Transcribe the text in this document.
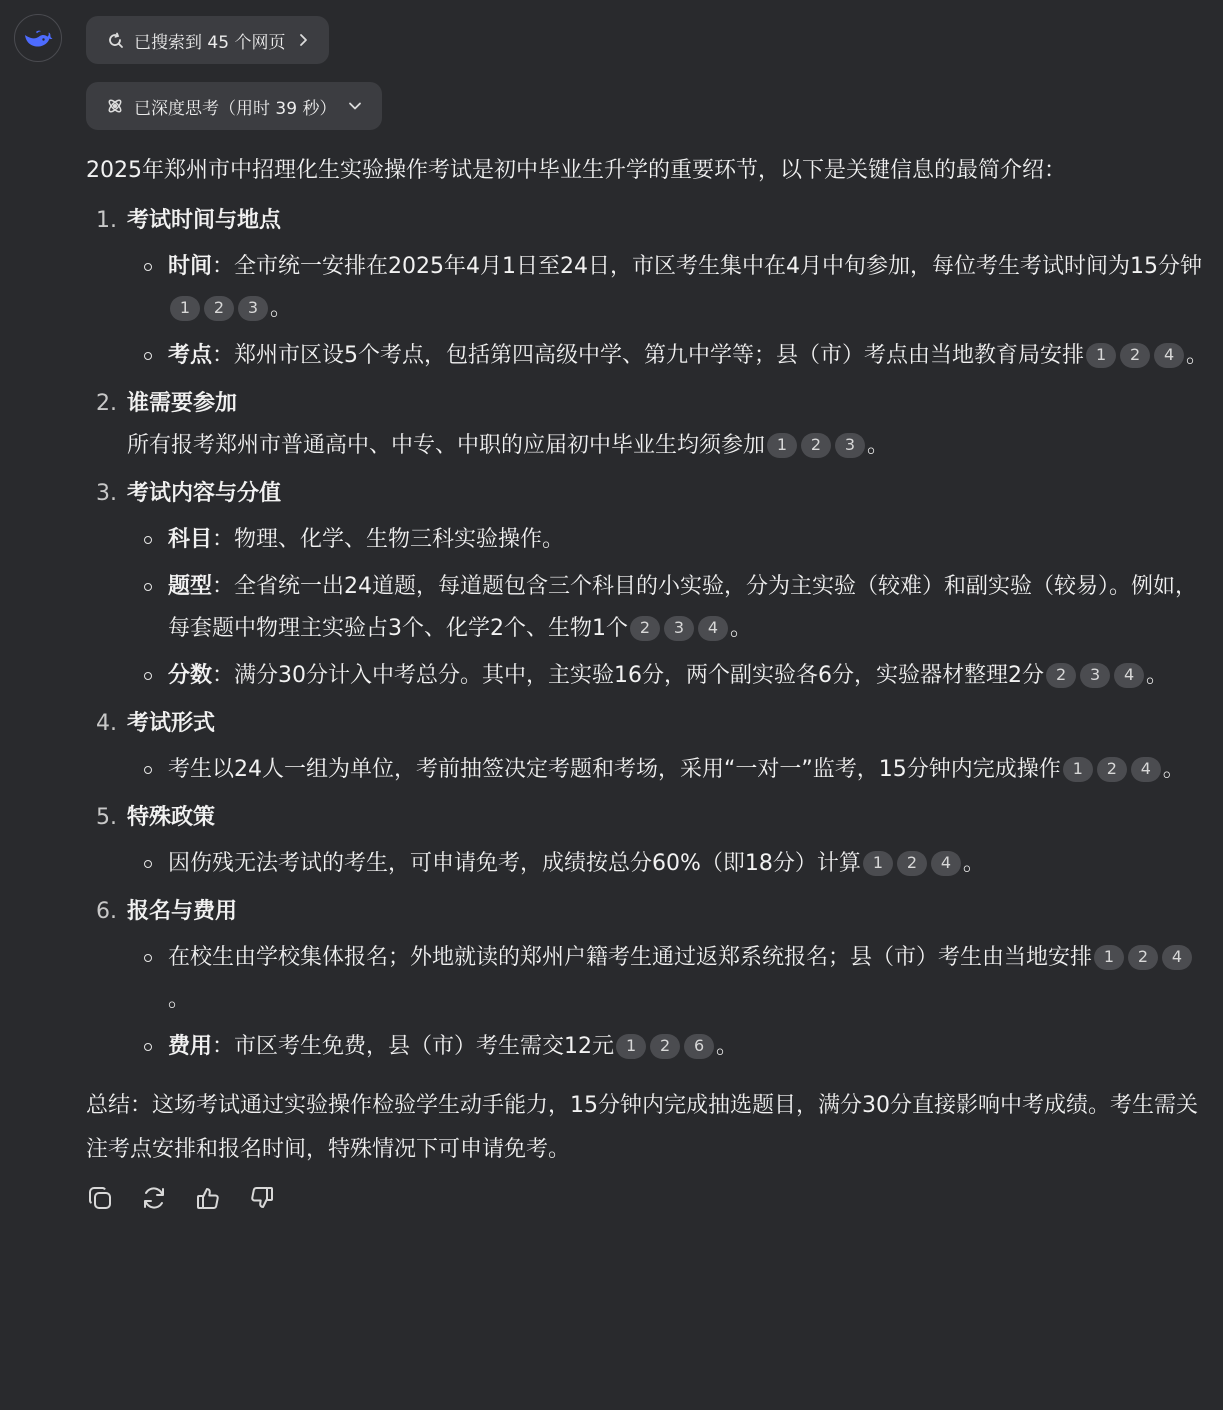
已搜索到 45 个网页

已深度思考（用时 39 秒）
2025年郑州市中招理化生实验操作考试是初中毕业生升学的重要环节，以下是关键信息的最简介绍：
1. 考试时间与地点
时间：全市统一安排在2025年4月1日至24日，市区考生集中在4月中旬参加，每位考生考试时间为15分钟1 2 3 。
考点：郑州市区设5个考点，包括第四高级中学、第九中学等；县（市）考点由当地教育局安排 1 2 4 。
2. 谁需要参加
所有报考郑州市普通高中、中专、中职的应届初中毕业生均须参加 1 2 3 。
3. 考试内容与分值
科目：物理、化学、生物三科实验操作。
题型：全省统一出24道题，每道题包含三个科目的小实验，分为主实验（较难）和副实验（较易）。例如，每套题中物理主实验占3个、化学2个、生物1个 2 3 4 。
分数：满分30分计入中考总分。其中，主实验16分，两个副实验各6分，实验器材整理2分 2 3 4 。
4. 考试形式
考生以24人一组为单位，考前抽签决定考题和考场，采用“一对一”监考，15分钟内完成操作 1 2 4 。
5. 特殊政策
因伤残无法考试的考生，可申请免考，成绩按总分60%（即18分）计算 1 2 4 。
6. 报名与费用
在校生由学校集体报名；外地就读的郑州户籍考生通过返郑系统报名；县（市）考生由当地安排 1 2 4。
费用：市区考生免费，县（市）考生需交12元 1 2 6 。
总结：这场考试通过实验操作检验学生动手能力，15分钟内完成抽选题目，满分30分直接影响中考成绩。考生需关注考点安排和报名时间，特殊情况下可申请免考。
